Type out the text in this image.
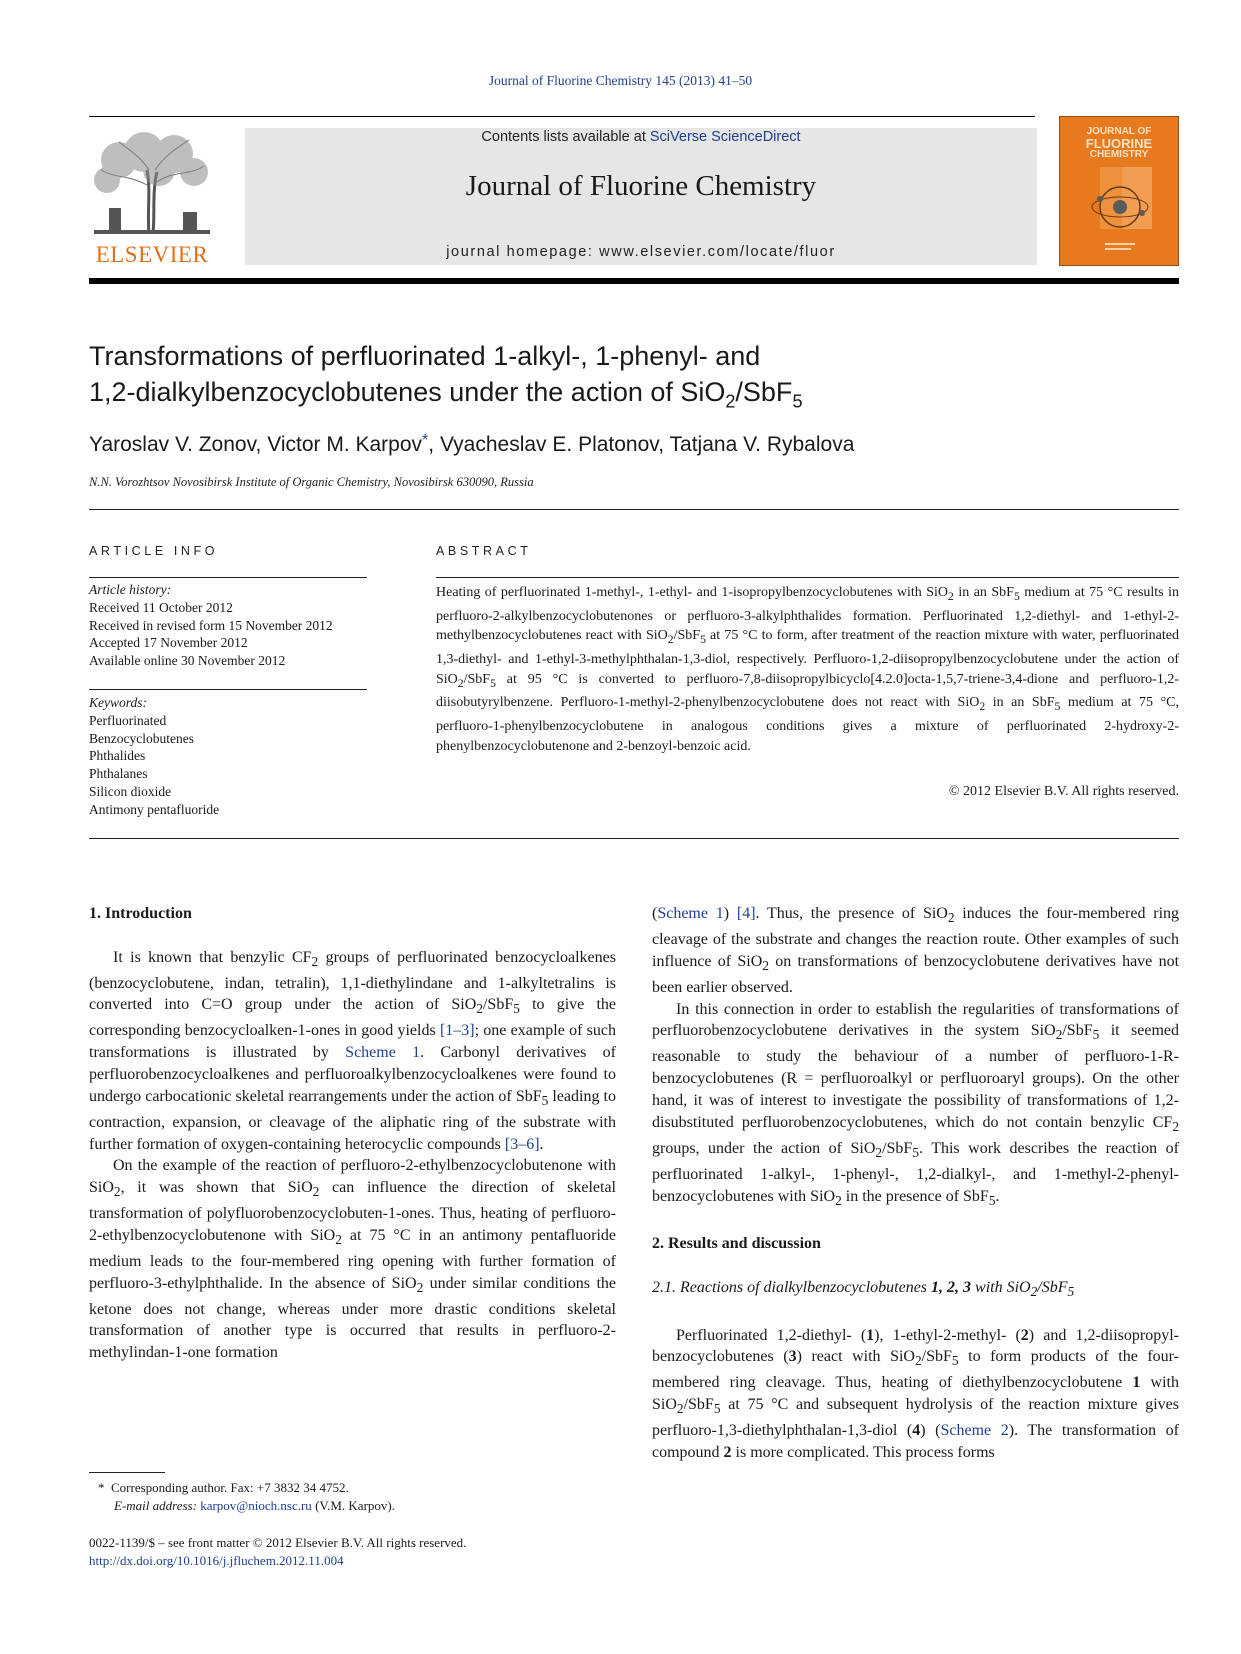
Journal of Fluorine Chemistry 145 (2013) 41–50
ELSEVIER
Contents lists available at SciVerse ScienceDirect
Journal of Fluorine Chemistry
journal homepage: www.elsevier.com/locate/fluor
JOURNAL OF
FLUORINE
CHEMISTRY
Transformations of perfluorinated 1-alkyl-, 1-phenyl- and
1,2-dialkylbenzocyclobutenes under the action of SiO$_2$/SbF$_5$
Yaroslav V. Zonov, Victor M. Karpov*, Vyacheslav E. Platonov, Tatjana V. Rybalova
N.N. Vorozhtsov Novosibirsk Institute of Organic Chemistry, Novosibirsk 630090, Russia
ARTICLE INFO
Article history:
Received 11 October 2012
Received in revised form 15 November 2012
Accepted 17 November 2012
Available online 30 November 2012
Keywords:
Perfluorinated
Benzocyclobutenes
Phthalides
Phthalanes
Silicon dioxide
Antimony pentafluoride
ABSTRACT
Heating of perfluorinated 1-methyl-, 1-ethyl- and 1-isopropylbenzocyclobutenes with SiO$_2$ in an SbF$_5$ medium at 75 °C results in perfluoro-2-alkylbenzocyclobutenones or perfluoro-3-alkylphthalides formation. Perfluorinated 1,2-diethyl- and 1-ethyl-2-methylbenzocyclobutenes react with SiO$_2$/SbF$_5$ at 75 °C to form, after treatment of the reaction mixture with water, perfluorinated 1,3-diethyl- and 1-ethyl-3-methylphthalan-1,3-diol, respectively. Perfluoro-1,2-diisopropylbenzocyclobutene under the action of SiO$_2$/SbF$_5$ at 95 °C is converted to perfluoro-7,8-diisopropylbicyclo[4.2.0]octa-1,5,7-triene-3,4-dione and perfluoro-1,2-diisobutyrylbenzene. Perfluoro-1-methyl-2-phenylbenzocyclobutene does not react with SiO$_2$ in an SbF$_5$ medium at 75 °C, perfluoro-1-phenylbenzocyclobutene in analogous conditions gives a mixture of perfluorinated 2-hydroxy-2-phenylbenzocyclobutenone and 2-benzoyl-benzoic acid.
© 2012 Elsevier B.V. All rights reserved.
1. Introduction

It is known that benzylic $CF_2$ groups of perfluorinated benzocycloalkenes (benzocyclobutene, indan, tetralin), 1,1-diethylindane and 1-alkyltetralins is converted into C=O group under the action of SiO$_2$/SbF$_5$ to give the corresponding benzocycloalken-1-ones in good yields [1–3]; one example of such transformations is illustrated by Scheme 1. Carbonyl derivatives of perfluorobenzocycloalkenes and perfluoroalkylbenzocycloalkenes were found to undergo carbocationic skeletal rearrangements under the action of SbF$_5$ leading to contraction, expansion, or cleavage of the aliphatic ring of the substrate with further formation of oxygen-containing heterocyclic compounds [3–6].

On the example of the reaction of perfluoro-2-ethylbenzocyclobutenone with SiO$_2$, it was shown that SiO$_2$ can influence the direction of skeletal transformation of polyfluorobenzocyclobuten-1-ones. Thus, heating of perfluoro-2-ethylbenzocyclobutenone with SiO$_2$ at 75 °C in an antimony pentafluoride medium leads to the four-membered ring opening with further formation of perfluoro-3-ethylphthalide. In the absence of SiO$_2$ under similar conditions the ketone does not change, whereas under more drastic conditions skeletal transformation of another type is occurred that results in perfluoro-2-methylindan-1-one formation

(Scheme 1) [4]. Thus, the presence of SiO$_2$ induces the four-membered ring cleavage of the substrate and changes the reaction route. Other examples of such influence of SiO$_2$ on transformations of benzocyclobutene derivatives have not been earlier observed.

In this connection in order to establish the regularities of transformations of perfluorobenzocyclobutene derivatives in the system SiO$_2$/SbF$_5$ it seemed reasonable to study the behaviour of a number of perfluoro-1-R-benzocyclobutenes (R = perfluoroalkyl or perfluoroaryl groups). On the other hand, it was of interest to investigate the possibility of transformations of 1,2-disubstituted perfluorobenzocyclobutenes, which do not contain benzylic $CF_2$ groups, under the action of SiO$_2$/SbF$_5$. This work describes the reaction of perfluorinated 1-alkyl-, 1-phenyl-, 1,2-dialkyl-, and 1-methyl-2-phenyl-benzocyclobutenes with SiO$_2$ in the presence of SbF$_5$.

2. Results and discussion
2.1. Reactions of dialkylbenzocyclobutenes 1, 2, 3 with SiO$_2$/SbF$_5$

Perfluorinated 1,2-diethyl- (1), 1-ethyl-2-methyl- (2) and 1,2-diisopropyl-benzocyclobutenes (3) react with SiO$_2$/SbF$_5$ to form products of the four-membered ring cleavage. Thus, heating of diethylbenzocyclobutene 1 with SiO$_2$/SbF$_5$ at 75 °C and subsequent hydrolysis of the reaction mixture gives perfluoro-1,3-diethylphthalan-1,3-diol (4) (Scheme 2). The transformation of compound 2 is more complicated. This process forms

* Corresponding author. Fax: +7 3832 34 4752.
E-mail address: karpov@nioch.nsc.ru (V.M. Karpov).
0022-1139/$ – see front matter © 2012 Elsevier B.V. All rights reserved.
http://dx.doi.org/10.1016/j.jfluchem.2012.11.004
